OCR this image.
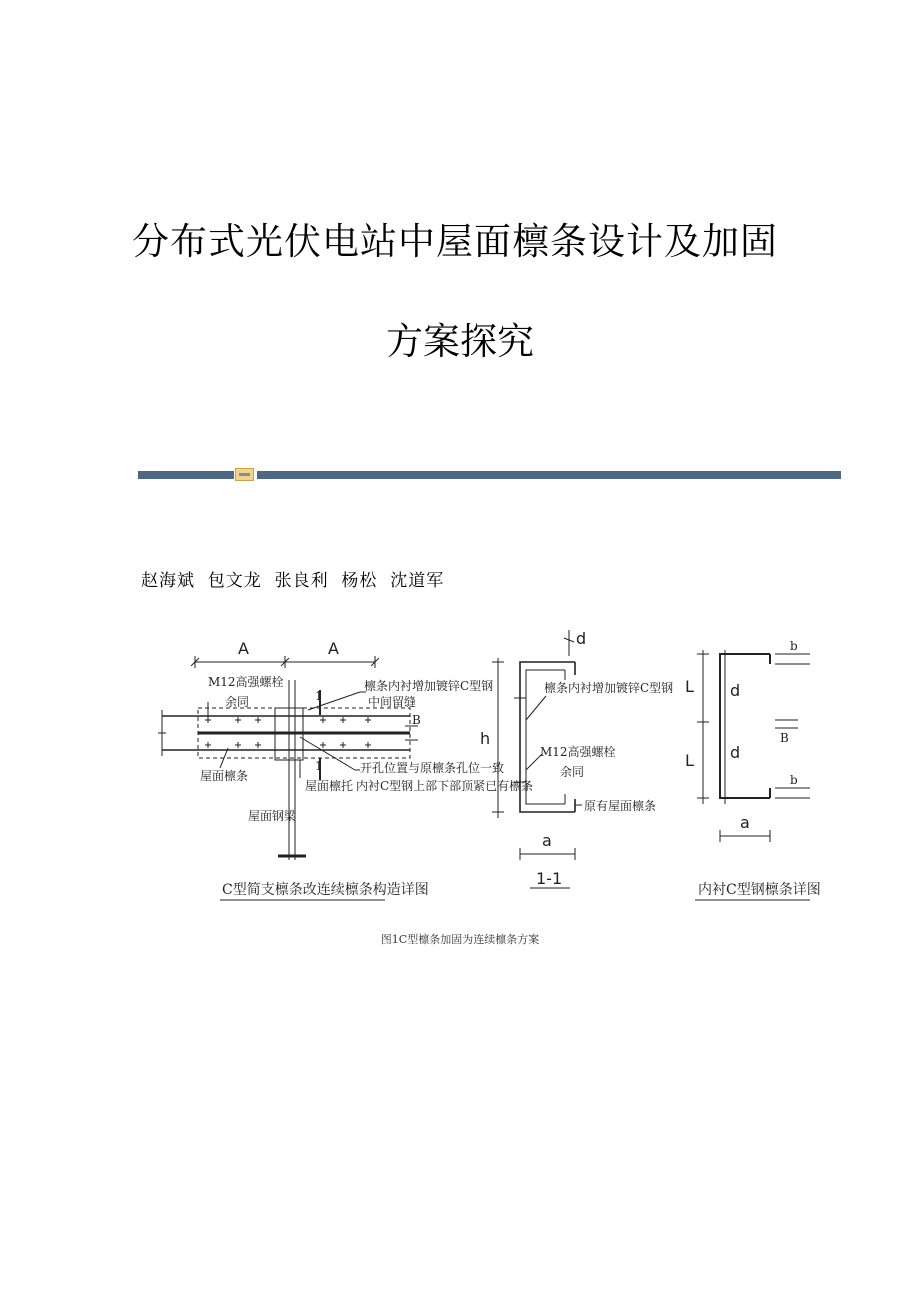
分布式光伏电站中屋面檩条设计及加固
方案探究
赵海斌  包文龙  张良利  杨松  沈道军
A	A
M12高强螺栓
余同
檩条内衬增加镀锌C型钢
中间留缝
屋面檩条
开孔位置与原檩条孔位一致
内衬C型钢上部下部顶紧已有檩条
屋面檩托
屋面钢梁
1
1
B
C型简支檩条改连续檩条构造详图
d
h
檩条内衬增加镀锌C型钢
M12高强螺栓
余同
原有屋面檩条
a
1-1
L d
d
L
B
b
b
a
内衬C型钢檩条详图
图1C型檩条加固为连续檩条方案
